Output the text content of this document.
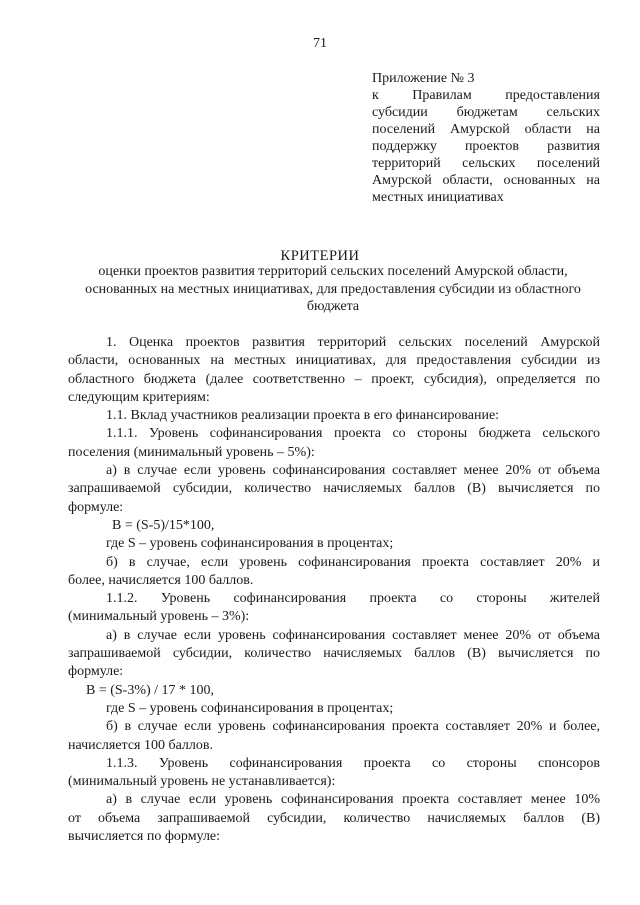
71
Приложение № 3
к Правилам предоставления
субсидии бюджетам сельских
поселений Амурской области на
поддержку проектов развития
территорий сельских поселений
Амурской области, основанных на
местных инициативах
КРИТЕРИИ
оценки проектов развития территорий сельских поселений Амурской области,
основанных на местных инициативах, для предоставления субсидии из областного
бюджета
1. Оценка проектов развития территорий сельских поселений Амурской
области, основанных на местных инициативах, для предоставления субсидии из
областного бюджета (далее соответственно – проект, субсидия), определяется по
следующим критериям:
1.1. Вклад участников реализации проекта в его финансирование:
1.1.1. Уровень софинансирования проекта со стороны бюджета сельского
поселения (минимальный уровень – 5%):
а) в случае если уровень софинансирования составляет менее 20% от объема
запрашиваемой субсидии, количество начисляемых баллов (В) вычисляется по
формуле:
В = (S-5)/15*100,
где S – уровень софинансирования в процентах;
б) в случае, если уровень софинансирования проекта составляет 20% и
более, начисляется 100 баллов.
1.1.2. Уровень софинансирования проекта со стороны жителей
(минимальный уровень – 3%):
а) в случае если уровень софинансирования составляет менее 20% от объема
запрашиваемой субсидии, количество начисляемых баллов (В) вычисляется по
формуле:
В = (S-3%) / 17 * 100,
где S – уровень софинансирования в процентах;
б) в случае если уровень софинансирования проекта составляет 20% и более,
начисляется 100 баллов.
1.1.3. Уровень софинансирования проекта со стороны спонсоров
(минимальный уровень не устанавливается):
а) в случае если уровень софинансирования проекта составляет менее 10%
от объема запрашиваемой субсидии, количество начисляемых баллов (В)
вычисляется по формуле:
